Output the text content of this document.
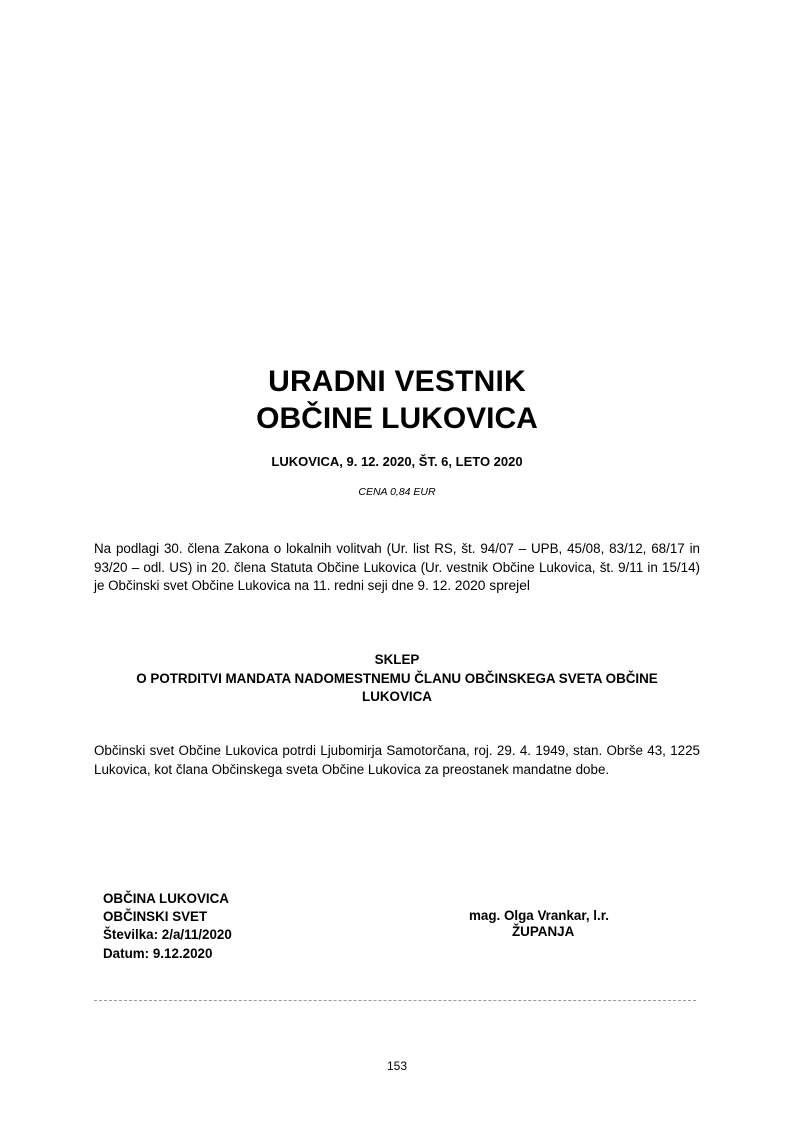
URADNI VESTNIK
OBČINE LUKOVICA
LUKOVICA, 9. 12. 2020, ŠT. 6, LETO 2020
CENA 0,84 EUR
Na podlagi 30. člena Zakona o lokalnih volitvah (Ur. list RS, št. 94/07 – UPB, 45/08, 83/12, 68/17 in 93/20 – odl. US) in 20. člena Statuta Občine Lukovica (Ur. vestnik Občine Lukovica, št. 9/11 in 15/14) je Občinski svet Občine Lukovica na 11. redni seji dne 9. 12. 2020 sprejel
SKLEP
O POTRDITVI MANDATA NADOMESTNEMU ČLANU OBČINSKEGA SVETA OBČINE
LUKOVICA
Občinski svet Občine Lukovica potrdi Ljubomirja Samotorčana, roj. 29. 4. 1949, stan. Obrše 43, 1225 Lukovica, kot člana Občinskega sveta Občine Lukovica za preostanek mandatne dobe.
OBČINA LUKOVICA
OBČINSKI SVET
Številka: 2/a/11/2020
Datum: 9.12.2020
mag. Olga Vrankar, l.r.
ŽUPANJA
153
